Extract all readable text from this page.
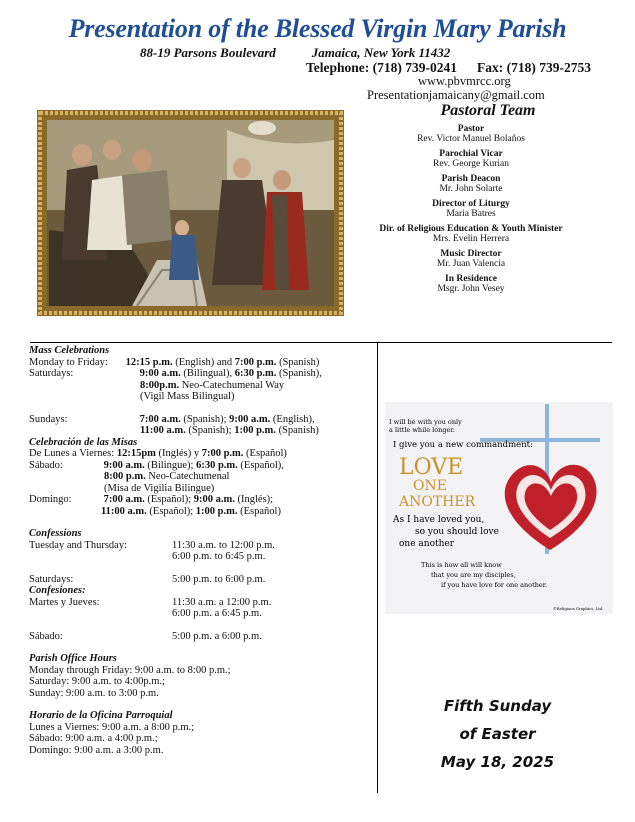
Presentation of the Blessed Virgin Mary Parish
88-19 Parsons Boulevard	Jamaica, New York 11432
Telephone: (718) 739-0241 Fax: (718) 739-2753
www.pbvmrcc.org
Presentationjamaicany@gmail.com
Pastoral Team
Pastor
Rev. Victor Manuel Bolaños
Parochial Vicar
Rev. George Kurian
Parish Deacon
Mr. John Solarte
Director of Liturgy
Maria Batres
Dir. of Religious Education & Youth Minister
Mrs. Evelin Herrera
Music Director
Mr. Juan Valencia
In Residence
Msgr. John Vesey
Mass Celebrations
Monday to Friday: 12:15 p.m. (English) and 7:00 p.m. (Spanish)
Saturdays:	9:00 a.m. (Bilingual), 6:30 p.m. (Spanish),
8:00p.m. Neo-Catechumenal Way
(Vigil Mass Bilingual)
Sundays:	7:00 a.m. (Spanish); 9:00 a.m. (English),
11:00 a.m. (Spanish); 1:00 p.m. (Spanish)
Celebración de las Misas
De Lunes a Viernes: 12:15pm (Inglés) y 7:00 p.m. (Español)
Sábado:	9:00 a.m. (Bilingue); 6:30 p.m. (Español),
8:00 p.m. Neo-Catechumenal
(Misa de Vigilia Bilingue)
Domingo:	7:00 a.m. (Español); 9:00 a.m. (Inglés);
11:00 a.m. (Español); 1:00 p.m. (Español)
Confessions
Tuesday and Thursday:	11:30 a.m. to 12:00 p.m.
6:00 p.m. to 6:45 p.m.
Saturdays:	5:00 p.m. to 6:00 p.m.
Confesiones:
Martes y Jueves:	11:30 a.m. a 12:00 p.m.
6:00 p.m. a 6:45 p.m.
Sábado:	5:00 p.m. a 6:00 p.m.
Parish Office Hours
Monday through Friday: 9:00 a.m. to 8:00 p.m.;
Saturday: 9:00 a.m. to 4:00p.m.;
Sunday: 9:00 a.m. to 3:00 p.m.
Horario de la Oficina Parroquial
Lunes a Viernes: 9:00 a.m. a 8:00 p.m.;
Sábado: 9:00 a.m. a 4:00 p.m.;
Domingo: 9:00 a.m. a 3:00 p.m.
I will be with you only
a little while longer.
I give you a new commandment:
LOVE
ONE
ANOTHER
As I have loved you,
so you should love
one another
This is how all will know
that you are my disciples,
if you have love for one another.
©Religious Graphics, Ltd.
Fifth Sunday
of Easter
May 18, 2025
